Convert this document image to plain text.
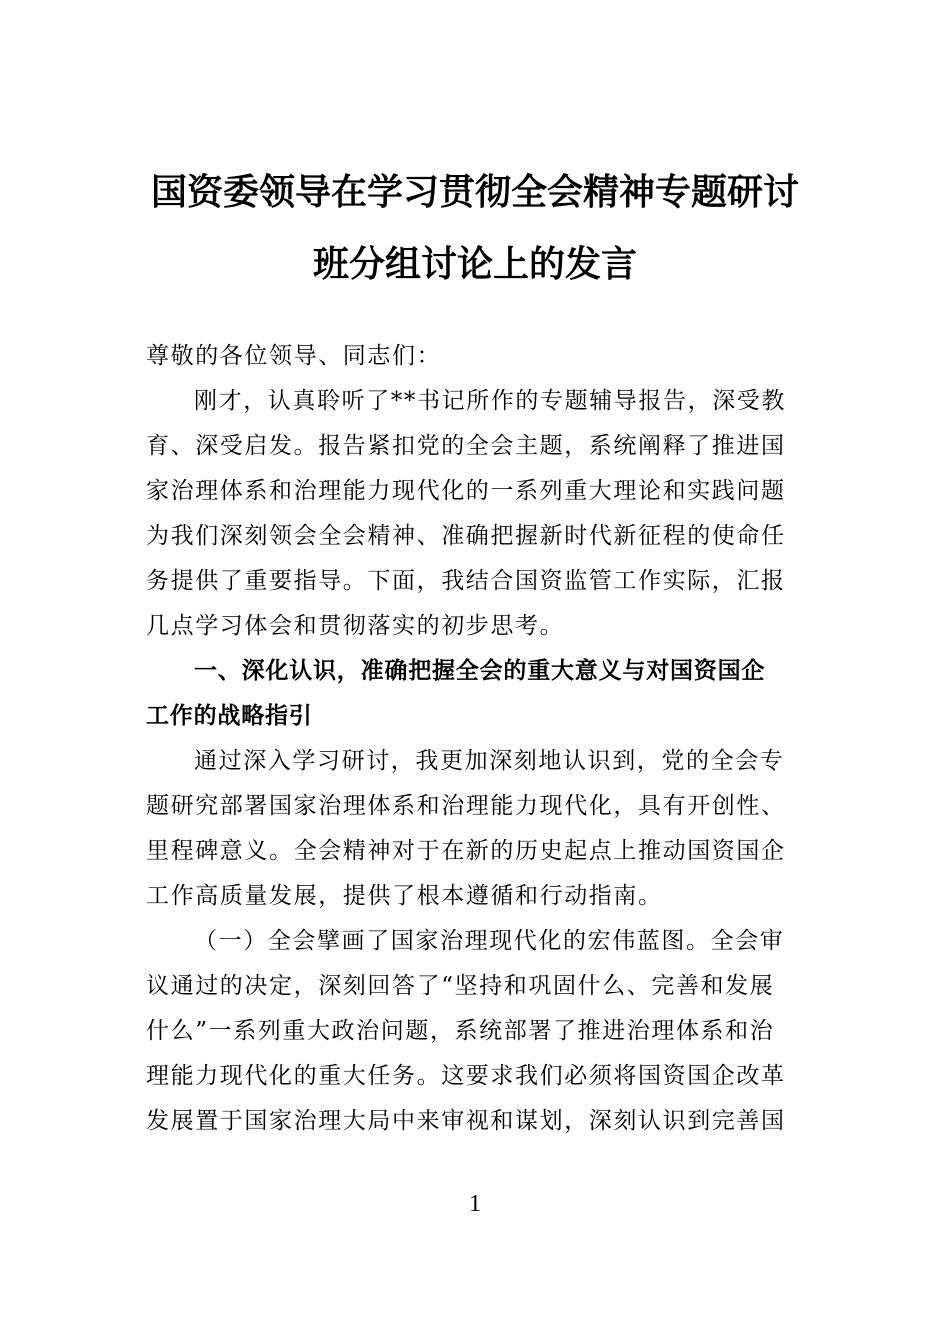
国资委领导在学习贯彻全会精神专题研讨
班分组讨论上的发言
尊敬的各位领导、同志们：
刚才，认真聆听了**书记所作的专题辅导报告，深受教
育、深受启发。报告紧扣党的全会主题，系统阐释了推进国
家治理体系和治理能力现代化的一系列重大理论和实践问题
为我们深刻领会全会精神、准确把握新时代新征程的使命任
务提供了重要指导。下面，我结合国资监管工作实际，汇报
几点学习体会和贯彻落实的初步思考。
一、深化认识，准确把握全会的重大意义与对国资国企
工作的战略指引
通过深入学习研讨，我更加深刻地认识到，党的全会专
题研究部署国家治理体系和治理能力现代化，具有开创性、
里程碑意义。全会精神对于在新的历史起点上推动国资国企
工作高质量发展，提供了根本遵循和行动指南。
（一）全会擘画了国家治理现代化的宏伟蓝图。全会审
议通过的决定，深刻回答了“坚持和巩固什么、完善和发展
什么”一系列重大政治问题，系统部署了推进治理体系和治
理能力现代化的重大任务。这要求我们必须将国资国企改革
发展置于国家治理大局中来审视和谋划，深刻认识到完善国
1
